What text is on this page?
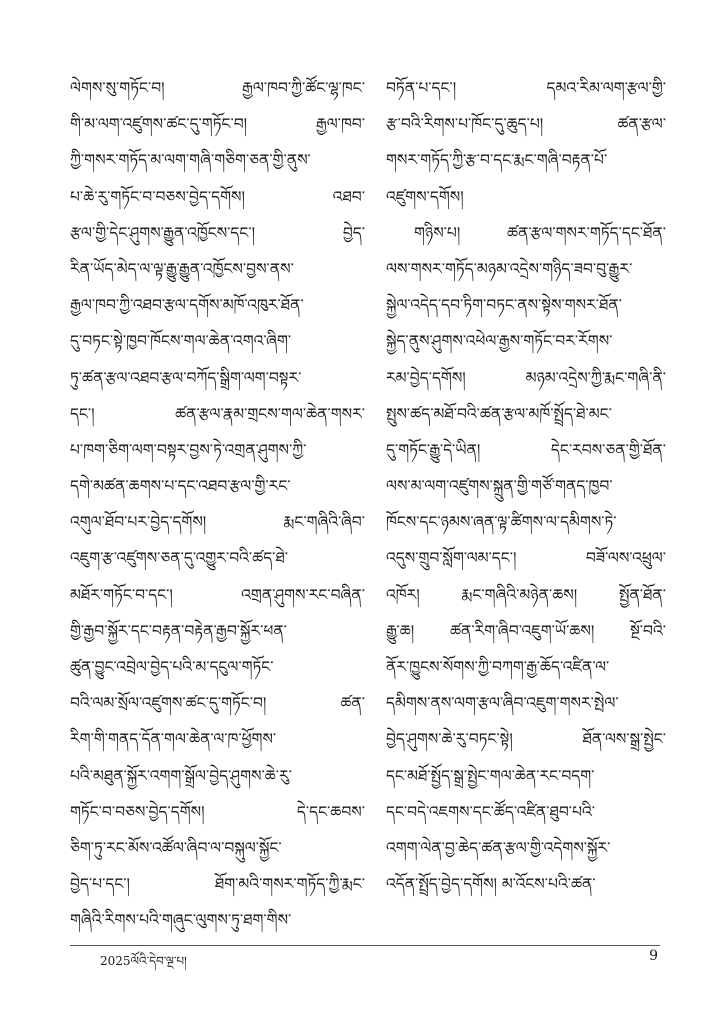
ལེགས་སུ་གཏོང་བ། རྒྱལ་ཁབ་ཀྱི་ཚོང་ལྷ་ཁང་
གི་མ་ལག་འཛུགས་ཚང་དུ་གཏོང་བ། རྒྱལ་ཁབ་
ཀྱི་གསར་གཏོད་མ་ལག་གཞི་གཅིག་ཅན་གྱི་ནུས་
པ་ཆེ་རུ་གཏོང་བ་བཅས་བྱེད་དགོས། འཐབ་
རྩལ་གྱི་དེང་ཤུགས་རྒྱུན་འཁྱོངས་དང་། བྱེད་
རིན་ཡོད་མེད་ལ་ལྟ་རྒྱུ་རྒྱུན་འཁྱོངས་བྱས་ནས་
རྒྱལ་ཁབ་ཀྱི་འཐབ་རྩལ་དགོས་མཁོ་འཁུར་ཐོན་
དུ་བཏང་སྟེ་ཁྱབ་ཁོངས་གལ་ཆེན་འགའ་ཞིག་
ཏུ་ཚན་རྩལ་འཐབ་རྩལ་བཀོད་སྒྲིག་ལག་བསྟར་
དང་། ཚན་རྩལ་རྣམ་གྲངས་གལ་ཆེན་གསར་
པ་ཁག་ཅིག་ལག་བསྟར་བྱས་ཏེ་འགྲན་ཤུགས་ཀྱི་
དགེ་མཚན་ཆགས་པ་དང་འཐབ་རྩལ་གྱི་རང་
འགུལ་ཐོབ་པར་བྱེད་དགོས། རྨང་གཞིའི་ཞིབ་
འཇུག་རྩ་འཛུགས་ཅན་དུ་འགྱུར་བའི་ཚད་ཐེ་
མཐོར་གཏོང་བ་དང་། འགྲན་ཤུགས་རང་བཞིན་
གྱི་རྒྱབ་སྐྱོར་དང་བརྟན་བརྟེན་རྒྱབ་སྐྱོར་ཕན་
ཚུན་བྱུང་འབྲེལ་བྱེད་པའི་མ་དངུལ་གཏོང་
བའི་ལམ་སྲོལ་འཛུགས་ཚང་དུ་གཏོང་བ། ཚན་
རིག་གི་གནད་དོན་གལ་ཆེན་ལ་ཁ་ཕྱོགས་
པའི་མཐུན་སྐྱོར་འགག་སྒྲོལ་བྱེད་ཤུགས་ཆེ་རུ་
གཏོང་བ་བཅས་བྱེད་དགོས། དེ་དང་ཆབས་
ཅིག་ཏུ་རང་མོས་འཚོལ་ཞིབ་ལ་བསྐུལ་སྐྱོང་
བྱེད་པ་དང་། ཐོག་མའི་གསར་གཏོད་ཀྱི་རྨང་
གཞིའི་རིགས་པའི་གཞུང་ལུགས་ཏུ་ཐག་གིས་
བཏོན་པ་དང་། དམའ་རིམ་ལག་རྩལ་གྱི་
རྩ་བའི་རིགས་པ་ཁོང་དུ་ཆུད་པ། ཚན་རྩལ་
གསར་གཏོད་ཀྱི་རྩ་བ་དང་རྨང་གཞི་བརྟན་པོ་
འཛུགས་དགོས།
གཉིས་པ། ཚན་རྩལ་གསར་གཏོད་དང་ཐོན་
ལས་གསར་གཏོད་མཉམ་འདྲེས་གཉིད་ཟབ་བུ་རྒྱུར་
སྐྱེལ་འདེད་དབ་ཏིག་བཏང་ནས་སྟེས་གསར་ཐོན་
སྐྱེད་ནུས་ཤུགས་འཕེལ་རྒྱས་གཏོང་བར་རོགས་
རམ་བྱེད་དགོས། མཉམ་འདྲེས་ཀྱི་རྨང་གཞི་ནི་
སྤུས་ཚད་མཐོ་བའི་ཚན་རྩལ་མཁོ་སྤྲོད་ཐེ་མང་
དུ་གཏོང་རྒྱུ་དེ་ཡིན། དེང་རབས་ཅན་གྱི་ཐོན་
ལས་མ་ལག་འཛུགས་སྐྲུན་གྱི་གཙོ་གནད་ཁྱབ་
ཁོངས་དང་ཉམས་ཞན་ལྟ་ཚིགས་ལ་དམིགས་ཏེ་
འདུས་གྲུབ་སློག་ལམ་དང་། བཟོ་ལས་འཕྲུལ་
འཁོར། རྨང་གཞིའི་མཉེན་ཆས། སྤྱོན་ཐོན་
རྒྱུ་ཆ། ཚན་རིག་ཞིབ་འཇུག་ཡོ་ཆས། སྔོ་བའི་
ནོར་ཁྱུངས་སོགས་ཀྱི་བཀག་རྒྱ་ཆོད་འཛིན་ལ་
དམིགས་ནས་ལག་རྩལ་ཞིབ་འཇུག་གསར་སྤེལ་
བྱེད་ཤུགས་ཆེ་རུ་བཏང་སྟེ། ཐོན་ལས་སྒྲ་སྤྱེང་
དང་མཐོ་སྤྱོད་སྒྲ་སྤྱེང་གལ་ཆེན་རང་བདག་
དང་བདེ་འཇགས་དང་ཚོད་འཛིན་ཐུབ་པའི་
འགག་ལེན་བྱ་ཆེད་ཚན་རྩལ་གྱི་འདེགས་སྐྱོར་
འདོན་སྤྲོད་བྱེད་དགོས། མ་འོངས་པའི་ཚན་
2025ལོའི་དེབ་ལྔ་པ།	9
